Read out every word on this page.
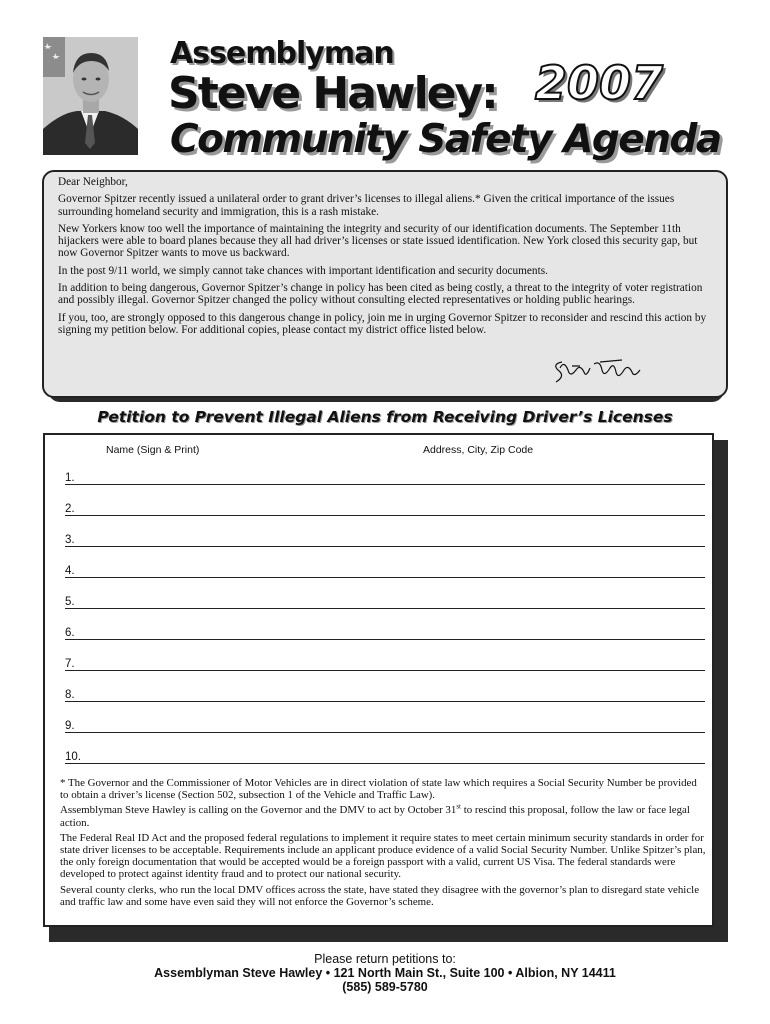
Assemblyman
Steve Hawley: 2007
Community Safety Agenda

Dear Neighbor,

Governor Spitzer recently issued a unilateral order to grant driver’s licenses to illegal aliens.* Given the critical importance of the issues surrounding homeland security and immigration, this is a rash mistake.

New Yorkers know too well the importance of maintaining the integrity and security of our identification documents. The September 11th hijackers were able to board planes because they all had driver’s licenses or state issued identification. New York closed this security gap, but now Governor Spitzer wants to move us backward.

In the post 9/11 world, we simply cannot take chances with important identification and security documents.

In addition to being dangerous, Governor Spitzer’s change in policy has been cited as being costly, a threat to the integrity of voter registration and possibly illegal. Governor Spitzer changed the policy without consulting elected representatives or holding public hearings.

If you, too, are strongly opposed to this dangerous change in policy, join me in urging Governor Spitzer to reconsider and rescind this action by signing my petition below. For additional copies, please contact my district office listed below.

Petition to Prevent Illegal Aliens from Receiving Driver’s Licenses
Name (Sign & Print)	Address, City, Zip Code
1.
2.
3.
4.
5.
6.
7.
8.
9.
10.

* The Governor and the Commissioner of Motor Vehicles are in direct violation of state law which requires a Social Security Number be provided to obtain a driver’s license (Section 502, subsection 1 of the Vehicle and Traffic Law).

Assemblyman Steve Hawley is calling on the Governor and the DMV to act by October 31st to rescind this proposal, follow the law or face legal action.

The Federal Real ID Act and the proposed federal regulations to implement it require states to meet certain minimum security standards in order for state driver licenses to be acceptable. Requirements include an applicant produce evidence of a valid Social Security Number. Unlike Spitzer’s plan, the only foreign documentation that would be accepted would be a foreign passport with a valid, current US Visa. The federal standards were developed to protect against identity fraud and to protect our national security.

Several county clerks, who run the local DMV offices across the state, have stated they disagree with the governor’s plan to disregard state vehicle and traffic law and some have even said they will not enforce the Governor’s scheme.

Please return petitions to:
Assemblyman Steve Hawley • 121 North Main St., Suite 100 • Albion, NY 14411
(585) 589-5780
